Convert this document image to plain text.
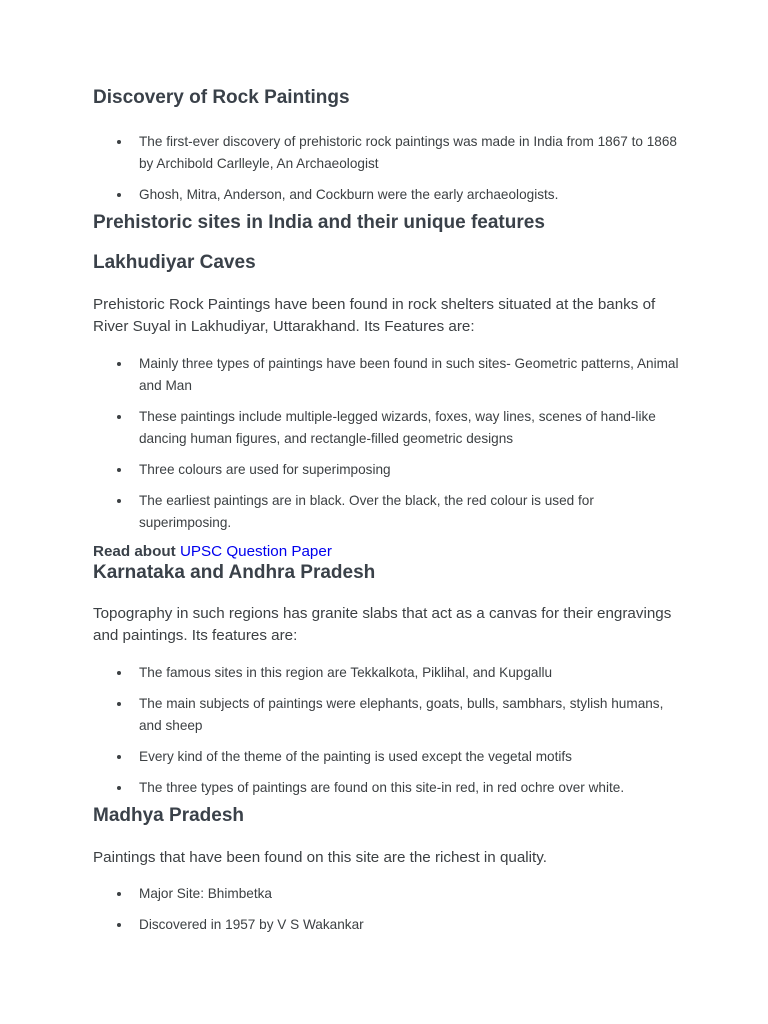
Discovery of Rock Paintings
The first-ever discovery of prehistoric rock paintings was made in India from 1867 to 1868 by Archibold Carlleyle, An Archaeologist
Ghosh, Mitra, Anderson, and Cockburn were the early archaeologists.
Prehistoric sites in India and their unique features
Lakhudiyar Caves

Prehistoric Rock Paintings have been found in rock shelters situated at the banks of River Suyal in Lakhudiyar, Uttarakhand. Its Features are:

Mainly three types of paintings have been found in such sites- Geometric patterns, Animal and Man
These paintings include multiple-legged wizards, foxes, way lines, scenes of hand-like dancing human figures, and rectangle-filled geometric designs
Three colours are used for superimposing
The earliest paintings are in black. Over the black, the red colour is used for superimposing.
Read about UPSC Question Paper
Karnataka and Andhra Pradesh

Topography in such regions has granite slabs that act as a canvas for their engravings and paintings. Its features are:

The famous sites in this region are Tekkalkota, Piklihal, and Kupgallu
The main subjects of paintings were elephants, goats, bulls, sambhars, stylish humans, and sheep
Every kind of the theme of the painting is used except the vegetal motifs
The three types of paintings are found on this site-in red, in red ochre over white.
Madhya Pradesh

Paintings that have been found on this site are the richest in quality.

Major Site: Bhimbetka
Discovered in 1957 by V S Wakankar
